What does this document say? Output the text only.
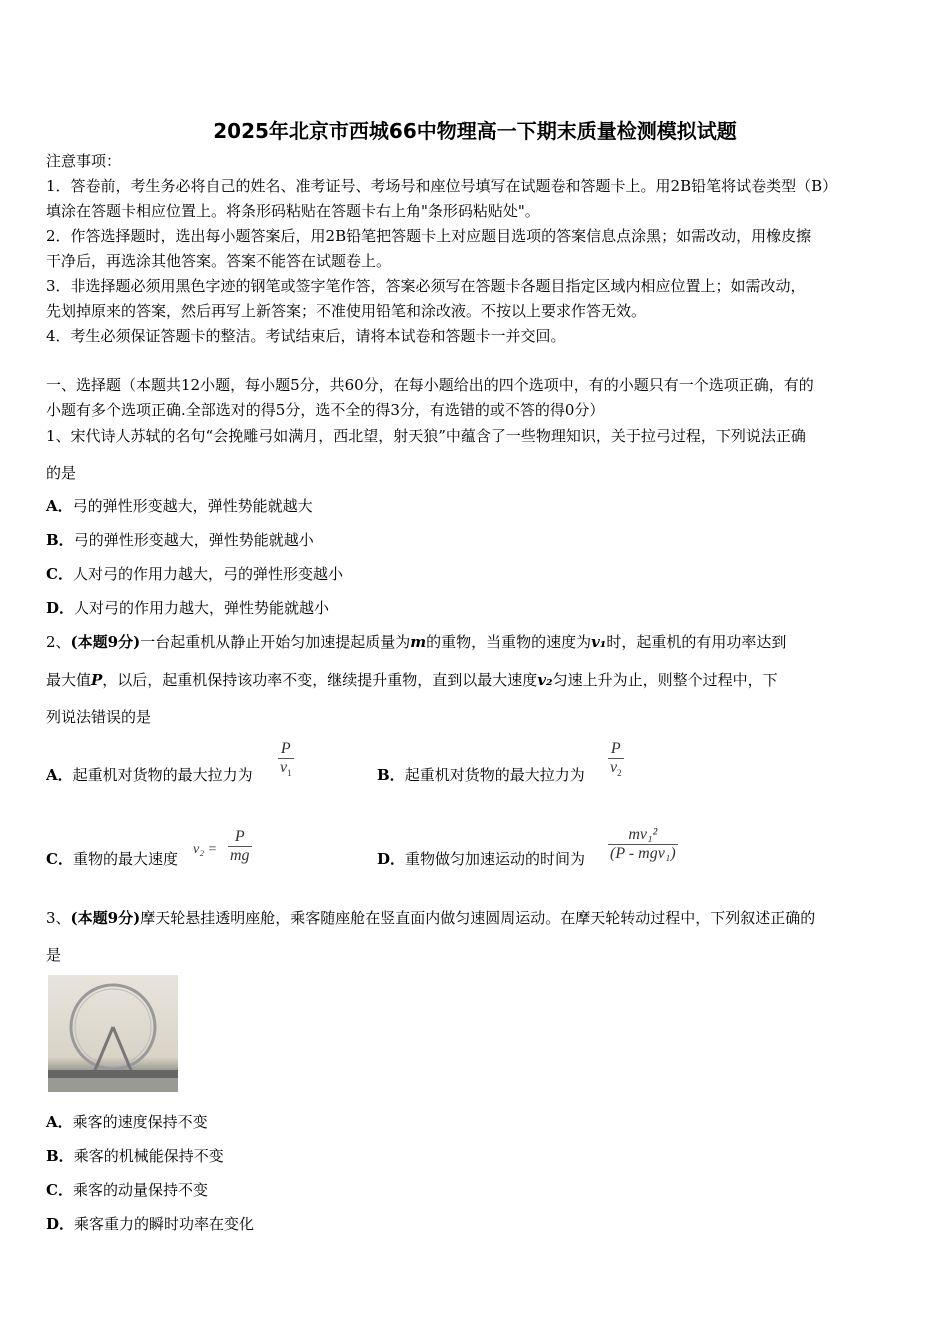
2025年北京市西城66中物理高一下期末质量检测模拟试题
注意事项：
1．答卷前，考生务必将自己的姓名、准考证号、考场号和座位号填写在试题卷和答题卡上。用2B铅笔将试卷类型（B）
填涂在答题卡相应位置上。将条形码粘贴在答题卡右上角"条形码粘贴处"。
2．作答选择题时，选出每小题答案后，用2B铅笔把答题卡上对应题目选项的答案信息点涂黑；如需改动，用橡皮擦
干净后，再选涂其他答案。答案不能答在试题卷上。
3．非选择题必须用黑色字迹的钢笔或签字笔作答，答案必须写在答题卡各题目指定区域内相应位置上；如需改动，
先划掉原来的答案，然后再写上新答案；不准使用铅笔和涂改液。不按以上要求作答无效。
4．考生必须保证答题卡的整洁。考试结束后，请将本试卷和答题卡一并交回。
一、选择题（本题共12小题，每小题5分，共60分，在每小题给出的四个选项中，有的小题只有一个选项正确，有的
小题有多个选项正确.全部选对的得5分，选不全的得3分，有选错的或不答的得0分）
1、宋代诗人苏轼的名句“会挽雕弓如满月，西北望，射天狼”中蕴含了一些物理知识，关于拉弓过程，下列说法正确
的是
A．弓的弹性形变越大，弹性势能就越大
B．弓的弹性形变越大，弹性势能就越小
C．人对弓的作用力越大，弓的弹性形变越小
D．人对弓的作用力越大，弹性势能就越小
2、(本题9分)一台起重机从静止开始匀加速提起质量为m的重物，当重物的速度为v₁时，起重机的有用功率达到
最大值P，以后，起重机保持该功率不变，继续提升重物，直到以最大速度v₂匀速上升为止，则整个过程中，下
列说法错误的是
A．起重机对货物的最大拉力为 $\frac{P}{v_1}$	B．起重机对货物的最大拉力为 $\frac{P}{v_2}$
C．重物的最大速度
$v_2 = \frac{P}{mg}$	D．重物做匀加速运动的时间为
mv₁²
(P - mgv₁)
3、(本题9分)摩天轮悬挂透明座舱，乘客随座舱在竖直面内做匀速圆周运动。在摩天轮转动过程中，下列叙述正确的
是
A．乘客的速度保持不变
B．乘客的机械能保持不变
C．乘客的动量保持不变
D．乘客重力的瞬时功率在变化
